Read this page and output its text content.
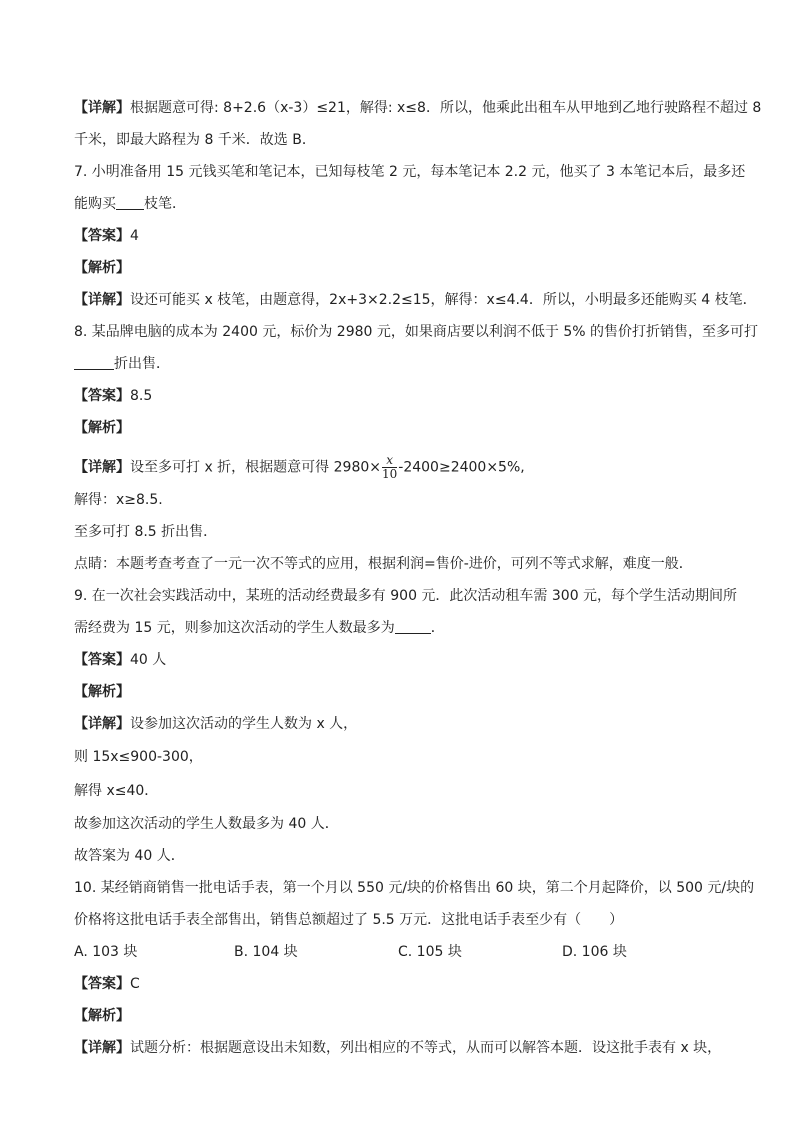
【详解】根据题意可得: 8+2.6（x-3）≤21，解得: x≤8．所以，他乘此出租车从甲地到乙地行驶路程不超过 8
千米，即最大路程为 8 千米．故选 B．
7. 小明准备用 15 元钱买笔和笔记本，已知每枝笔 2 元，每本笔记本 2.2 元，他买了 3 本笔记本后，最多还
能购买 枝笔．
【答案】4
【解析】
【详解】设还可能买 x 枝笔，由题意得，2x+3×2.2≤15，解得：x≤4.4．所以，小明最多还能购买 4 枝笔．
8. 某品牌电脑的成本为 2400 元，标价为 2980 元，如果商店要以利润不低于 5% 的售价打折销售，至多可打
折出售．
【答案】8.5
【解析】
【详解】设至多可打 x 折，根据题意可得 $2980\times \frac{x}{10} -2400\ge 2400\times 5\%$,
解得：x≥8.5.
至多可打 8.5 折出售．
点睛：本题考查考查了一元一次不等式的应用，根据利润=售价-进价，可列不等式求解，难度一般．
9. 在一次社会实践活动中，某班的活动经费最多有 900 元．此次活动租车需 300 元，每个学生活动期间所
需经费为 15 元，则参加这次活动的学生人数最多为	．
【答案】40 人
【解析】
【详解】设参加这次活动的学生人数为 x 人，
则 15x≤900-300，
解得 x≤40．
故参加这次活动的学生人数最多为 40 人．
故答案为 40 人．
10. 某经销商销售一批电话手表，第一个月以 550 元/块的价格售出 60 块，第二个月起降价，以 500 元/块的
价格将这批电话手表全部售出，销售总额超过了 5.5 万元．这批电话手表至少有（　　）
A. 103 块	B. 104 块	C. 105 块	D. 106 块
【答案】C
【解析】
【详解】试题分析：根据题意设出未知数，列出相应的不等式，从而可以解答本题．设这批手表有 x 块，
